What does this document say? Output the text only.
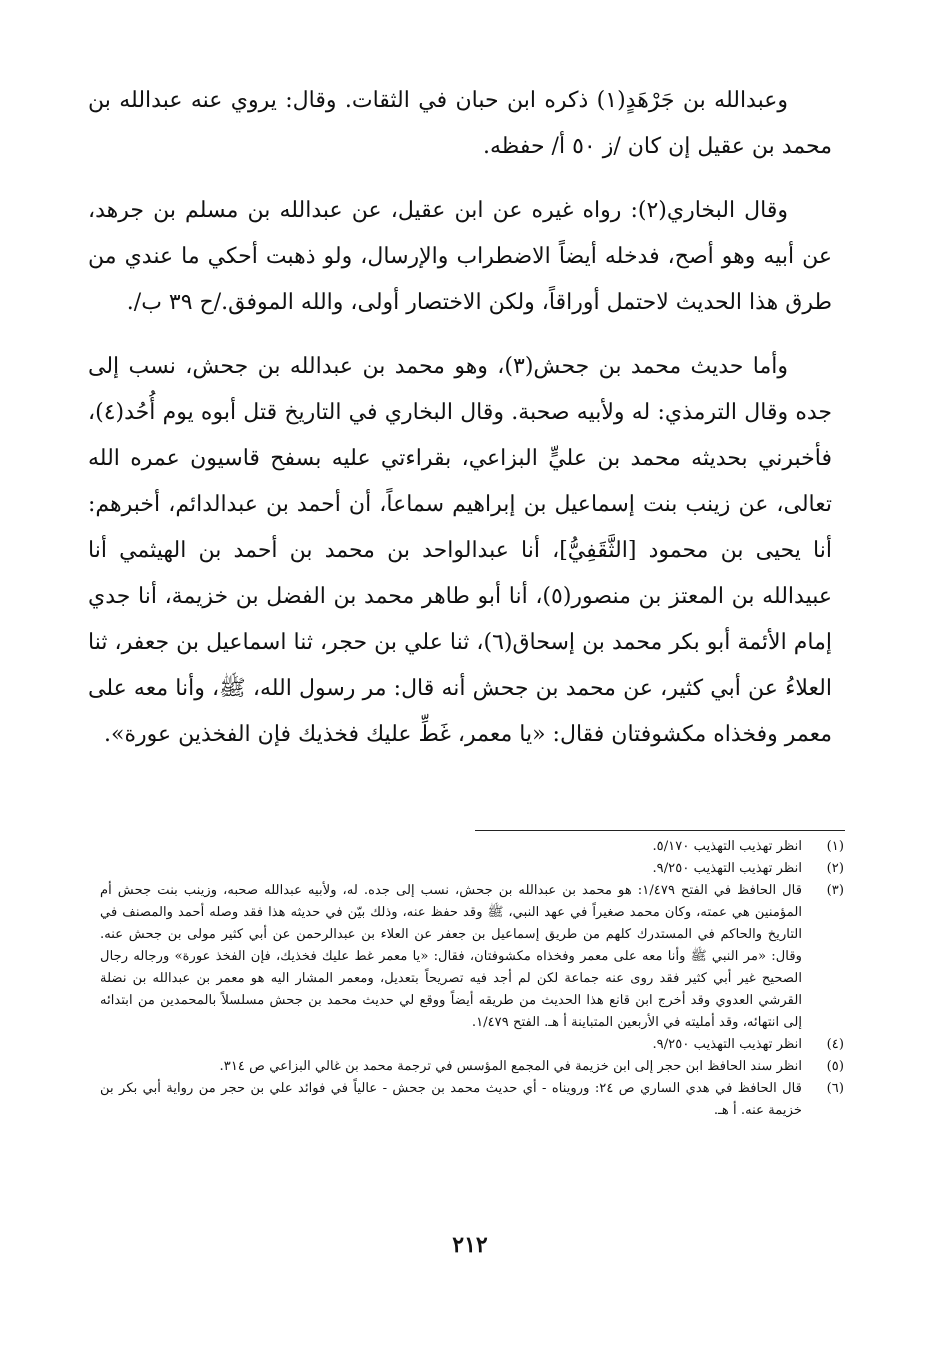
وعبدالله بن جَرْهَدٍ(١) ذكره ابن حبان في الثقات. وقال: يروي عنه عبدالله بن محمد بن عقيل إن كان /ز ٥٠ أ/ حفظه.

وقال البخاري(٢): رواه غيره عن ابن عقيل، عن عبدالله بن مسلم بن جرهد، عن أبيه وهو أصح، فدخله أيضاً الاضطراب والإرسال، ولو ذهبت أحكي ما عندي من طرق هذا الحديث لاحتمل أوراقاً، ولكن الاختصار أولى، والله الموفق./ح ٣٩ ب/.

وأما حديث محمد بن جحش(٣)، وهو محمد بن عبدالله بن جحش، نسب إلى جده وقال الترمذي: له ولأبيه صحبة. وقال البخاري في التاريخ قتل أبوه يوم أُحُد(٤)، فأخبرني بحديثه محمد بن عليٍّ البزاعي، بقراءتي عليه بسفح قاسيون عمره الله تعالى، عن زينب بنت إسماعيل بن إبراهيم سماعاً، أن أحمد بن عبدالدائم، أخبرهم: أنا يحيى بن محمود [الثَّقَفِيُّ]، أنا عبدالواحد بن محمد بن أحمد بن الهيثمي أنا عبيدالله بن المعتز بن منصور(٥)، أنا أبو طاهر محمد بن الفضل بن خزيمة، أنا جدي إمام الأئمة أبو بكر محمد بن إسحاق(٦)، ثنا علي بن حجر، ثنا اسماعيل بن جعفر، ثنا العلاءُ عن أبي كثير، عن محمد بن جحش أنه قال: مر رسول الله، ﷺ، وأنا معه على معمر وفخذاه مكشوفتان فقال: «يا معمر، غَطِّ عليك فخذيك فإن الفخذين عورة».

(١)
انظر تهذيب التهذيب ٥/١٧٠.
(٢)
انظر تهذيب التهذيب ٩/٢٥٠.
(٣)
قال الحافظ في الفتح ١/٤٧٩: هو محمد بن عبدالله بن جحش، نسب إلى جده. له، ولأبيه عبدالله صحبه، وزينب بنت جحش أم المؤمنين هي عمته، وكان محمد صغيراً في عهد النبي، ﷺ وقد حفظ عنه، وذلك بيّن في حديثه هذا فقد وصله أحمد والمصنف في التاريخ والحاكم في المستدرك كلهم من طريق إسماعيل بن جعفر عن العلاء بن عبدالرحمن عن أبي كثير مولى بن جحش عنه. وقال: «مر النبي ﷺ وأنا معه على معمر وفخذاه مكشوفتان، فقال: «يا معمر غط عليك فخذيك، فإن الفخذ عورة» ورجاله رجال الصحيح غير أبي كثير فقد روى عنه جماعة لكن لم أجد فيه تصريحاً بتعديل، ومعمر المشار اليه هو معمر بن عبدالله بن نضلة القرشي العدوي وقد أخرج ابن قانع هذا الحديث من طريقه أيضاً ووقع لي حديث محمد بن جحش مسلسلاً بالمحمدين من ابتدائه إلى انتهائه، وقد أمليته في الأربعين المتباينة أ هـ. الفتح ١/٤٧٩.
(٤)
انظر تهذيب التهذيب ٩/٢٥٠.
(٥)
انظر سند الحافظ ابن حجر إلى ابن خزيمة في المجمع المؤسس في ترجمة محمد بن غالي البزاعي ص ٣١٤.
(٦)
قال الحافظ في هدي الساري ص ٢٤: ورويناه - أي حديث محمد بن جحش - عالياً في فوائد علي بن حجر من رواية أبي بكر بن خزيمة عنه. أ هـ.
٢١٢
